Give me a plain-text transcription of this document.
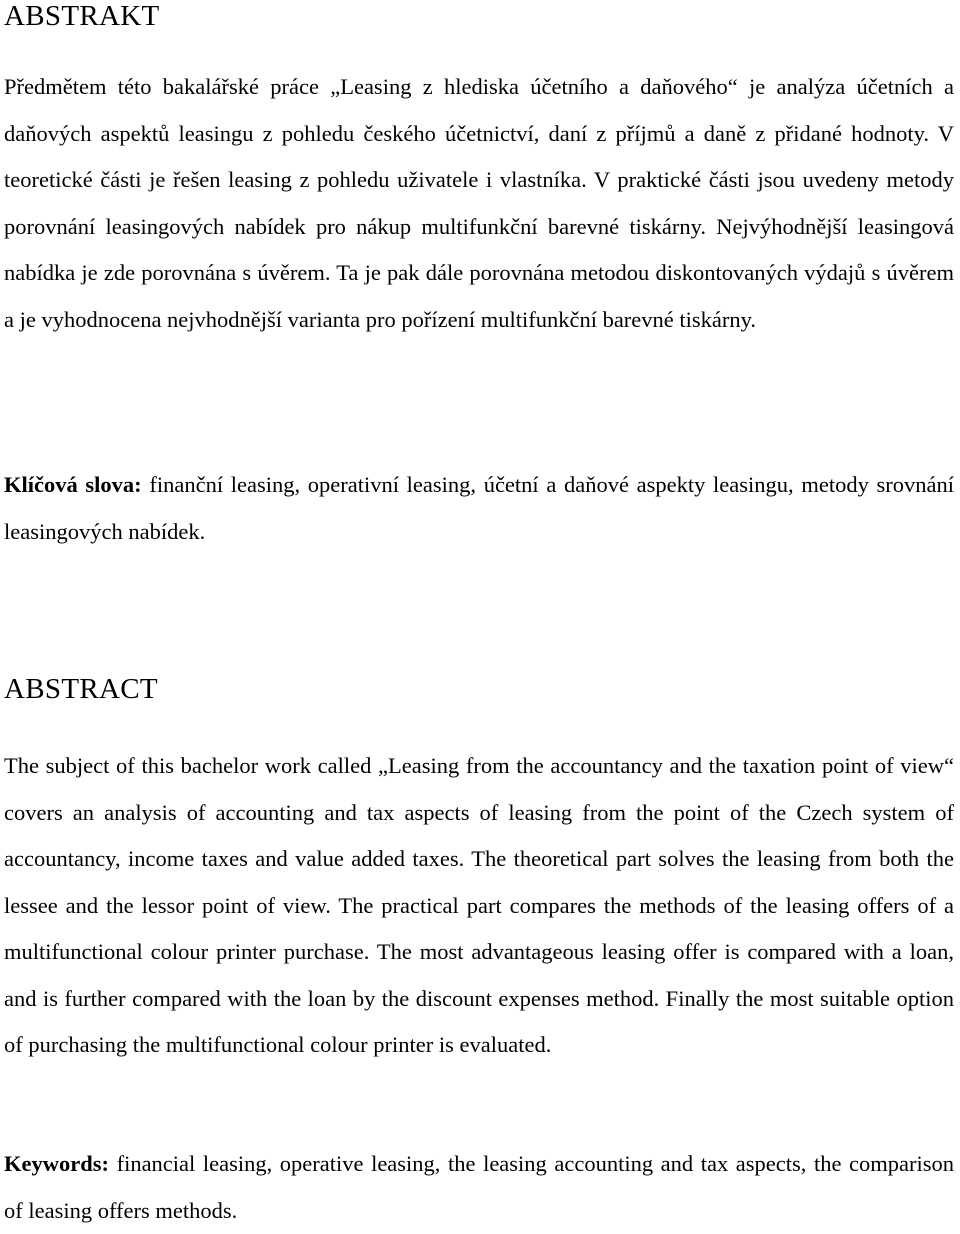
ABSTRAKT

Předmětem této bakalářské práce „Leasing z hlediska účetního a daňového“ je analýza účetních a daňových aspektů leasingu z pohledu českého účetnictví, daní z příjmů a daně z přidané hodnoty. V teoretické části je řešen leasing z pohledu uživatele i vlastníka. V praktické části jsou uvedeny metody porovnání leasingových nabídek pro nákup multifunkční barevné tiskárny. Nejvýhodnější leasingová nabídka je zde porovnána s úvěrem. Ta je pak dále porovnána metodou diskontovaných výdajů s úvěrem a je vyhodnocena nejvhodnější varianta pro pořízení multifunkční barevné tiskárny.

Klíčová slova: finanční leasing, operativní leasing, účetní a daňové aspekty leasingu, metody srovnání leasingových nabídek.

ABSTRACT

The subject of this bachelor work called „Leasing from the accountancy and the taxation point of view“ covers an analysis of accounting and tax aspects of leasing from the point of the Czech system of accountancy, income taxes and value added taxes. The theoretical part solves the leasing from both the lessee and the lessor point of view. The practical part compares the methods of the leasing offers of a multifunctional colour printer purchase. The most advantageous leasing offer is compared with a loan, and is further compared with the loan by the discount expenses method. Finally the most suitable option of purchasing the multifunctional colour printer is evaluated.

Keywords: financial leasing, operative leasing, the leasing accounting and tax aspects, the comparison of leasing offers methods.
